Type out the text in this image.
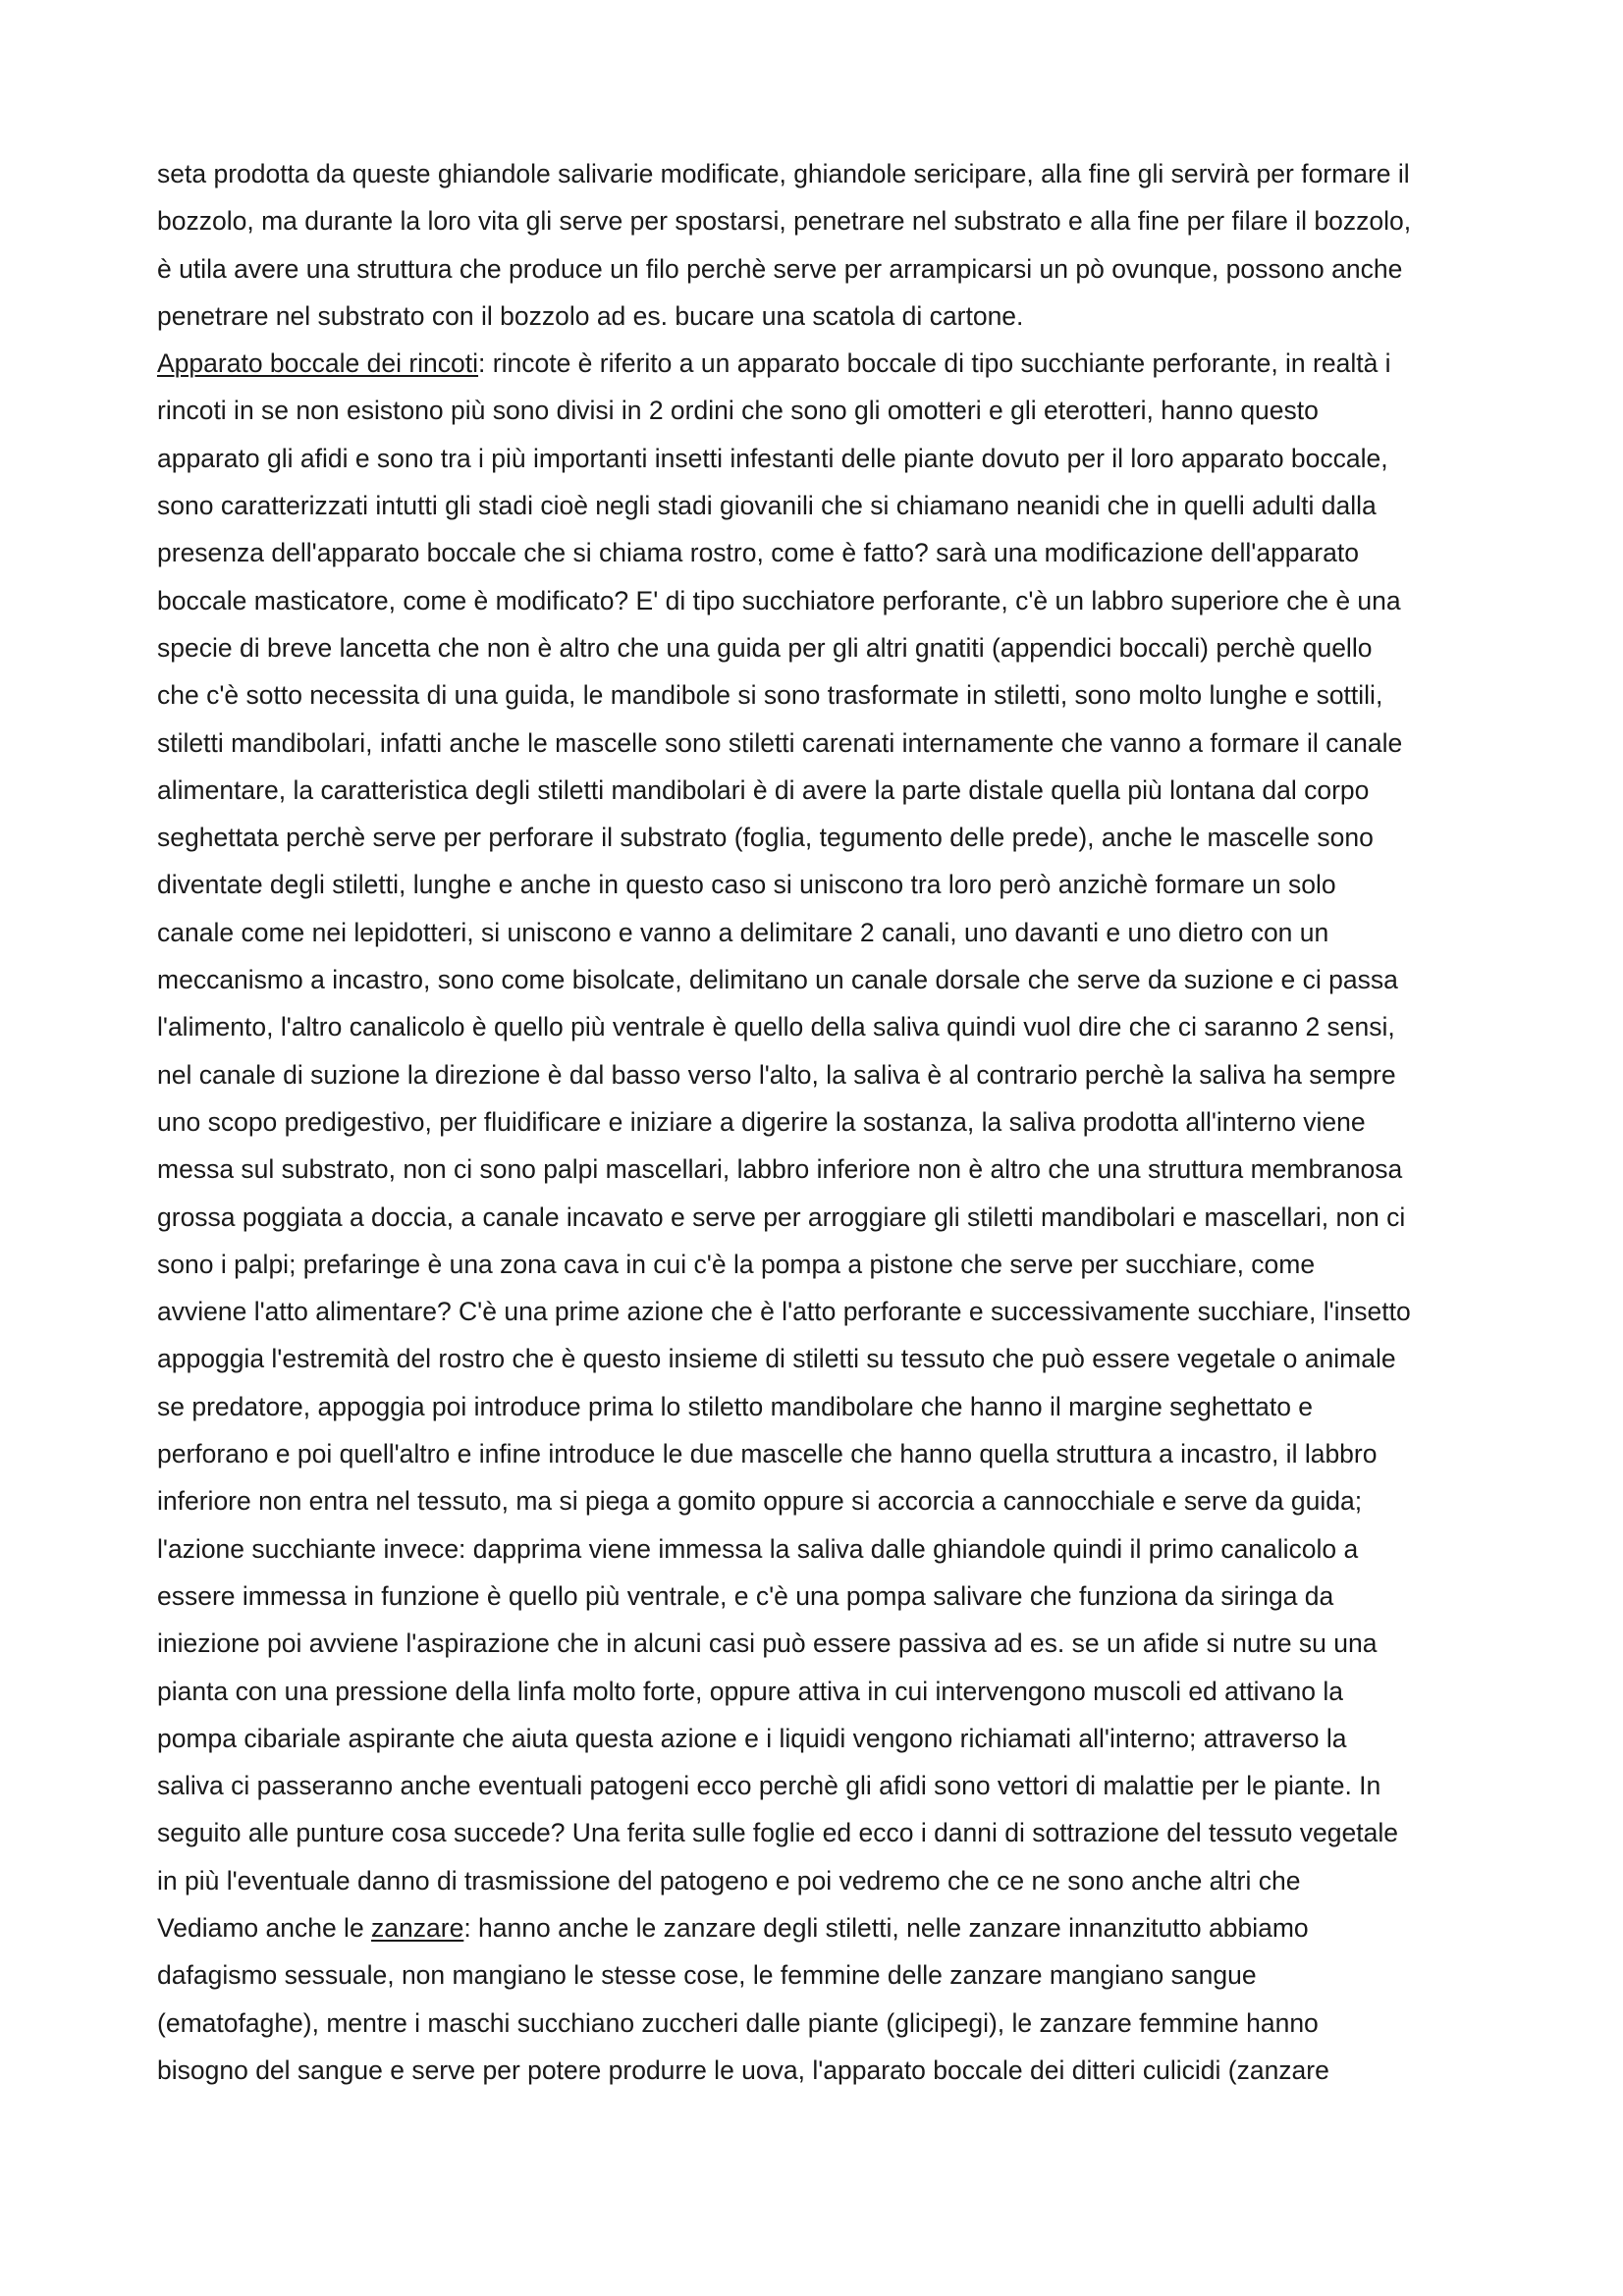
seta prodotta da queste ghiandole salivarie modificate, ghiandole sericipare, alla fine gli servirà per formare il
bozzolo, ma durante la loro vita gli serve per spostarsi, penetrare nel substrato e alla fine per filare il bozzolo,
è utila avere una struttura che produce un filo perchè serve per arrampicarsi un pò ovunque, possono anche
penetrare nel substrato con il bozzolo ad es. bucare una scatola di cartone.
Apparato boccale dei rincoti: rincote è riferito a un apparato boccale di tipo succhiante perforante, in realtà i
rincoti in se non esistono più sono divisi in 2 ordini che sono gli omotteri e gli eterotteri, hanno questo
apparato gli afidi e sono tra i più importanti insetti infestanti delle piante dovuto per il loro apparato boccale,
sono caratterizzati intutti gli stadi cioè negli stadi giovanili che si chiamano neanidi che in quelli adulti dalla
presenza dell'apparato boccale che si chiama rostro, come è fatto? sarà una modificazione dell'apparato
boccale masticatore, come è modificato? E' di tipo succhiatore perforante, c'è un labbro superiore che è una
specie di breve lancetta che non è altro che una guida per gli altri gnatiti (appendici boccali) perchè quello
che c'è sotto necessita di una guida, le mandibole si sono trasformate in stiletti, sono molto lunghe e sottili,
stiletti mandibolari, infatti anche le mascelle sono stiletti carenati internamente che vanno a formare il canale
alimentare, la caratteristica degli stiletti mandibolari è di avere la parte distale quella più lontana dal corpo
seghettata perchè serve per perforare il substrato (foglia, tegumento delle prede), anche le mascelle sono
diventate degli stiletti, lunghe e anche in questo caso si uniscono tra loro però anzichè formare un solo
canale come nei lepidotteri, si uniscono e vanno a delimitare 2 canali, uno davanti e uno dietro con un
meccanismo a incastro, sono come bisolcate, delimitano un canale dorsale che serve da suzione e ci passa
l'alimento, l'altro canalicolo è quello più ventrale è quello della saliva quindi vuol dire che ci saranno 2 sensi,
nel canale di suzione la direzione è dal basso verso l'alto, la saliva è al contrario perchè la saliva ha sempre
uno scopo predigestivo, per fluidificare e iniziare a digerire la sostanza, la saliva prodotta all'interno viene
messa sul substrato, non ci sono palpi mascellari, labbro inferiore non è altro che una struttura membranosa
grossa poggiata a doccia, a canale incavato e serve per arroggiare gli stiletti mandibolari e mascellari, non ci
sono i palpi; prefaringe è una zona cava in cui c'è la pompa a pistone che serve per succhiare, come
avviene l'atto alimentare? C'è una prime azione che è l'atto perforante e successivamente succhiare, l'insetto
appoggia l'estremità del rostro che è questo insieme di stiletti su tessuto che può essere vegetale o animale
se predatore, appoggia poi introduce prima lo stiletto mandibolare che hanno il margine seghettato e
perforano e poi quell'altro e infine introduce le due mascelle che hanno quella struttura a incastro, il labbro
inferiore non entra nel tessuto, ma si piega a gomito oppure si accorcia a cannocchiale e serve da guida;
l'azione succhiante invece: dapprima viene immessa la saliva dalle ghiandole quindi il primo canalicolo a
essere immessa in funzione è quello più ventrale, e c'è una pompa salivare che funziona da siringa da
iniezione poi avviene l'aspirazione che in alcuni casi può essere passiva ad es. se un afide si nutre su una
pianta con una pressione della linfa molto forte, oppure attiva in cui intervengono muscoli ed attivano la
pompa cibariale aspirante che aiuta questa azione e i liquidi vengono richiamati all'interno; attraverso la
saliva ci passeranno anche eventuali patogeni ecco perchè gli afidi sono vettori di malattie per le piante. In
seguito alle punture cosa succede? Una ferita sulle foglie ed ecco i danni di sottrazione del tessuto vegetale
in più l'eventuale danno di trasmissione del patogeno e poi vedremo che ce ne sono anche altri che
Vediamo anche le zanzare: hanno anche le zanzare degli stiletti, nelle zanzare innanzitutto abbiamo
dafagismo sessuale, non mangiano le stesse cose, le femmine delle zanzare mangiano sangue
(ematofaghe), mentre i maschi succhiano zuccheri dalle piante (glicipegi), le zanzare femmine hanno
bisogno del sangue e serve per potere produrre le uova, l'apparato boccale dei ditteri culicidi (zanzare
